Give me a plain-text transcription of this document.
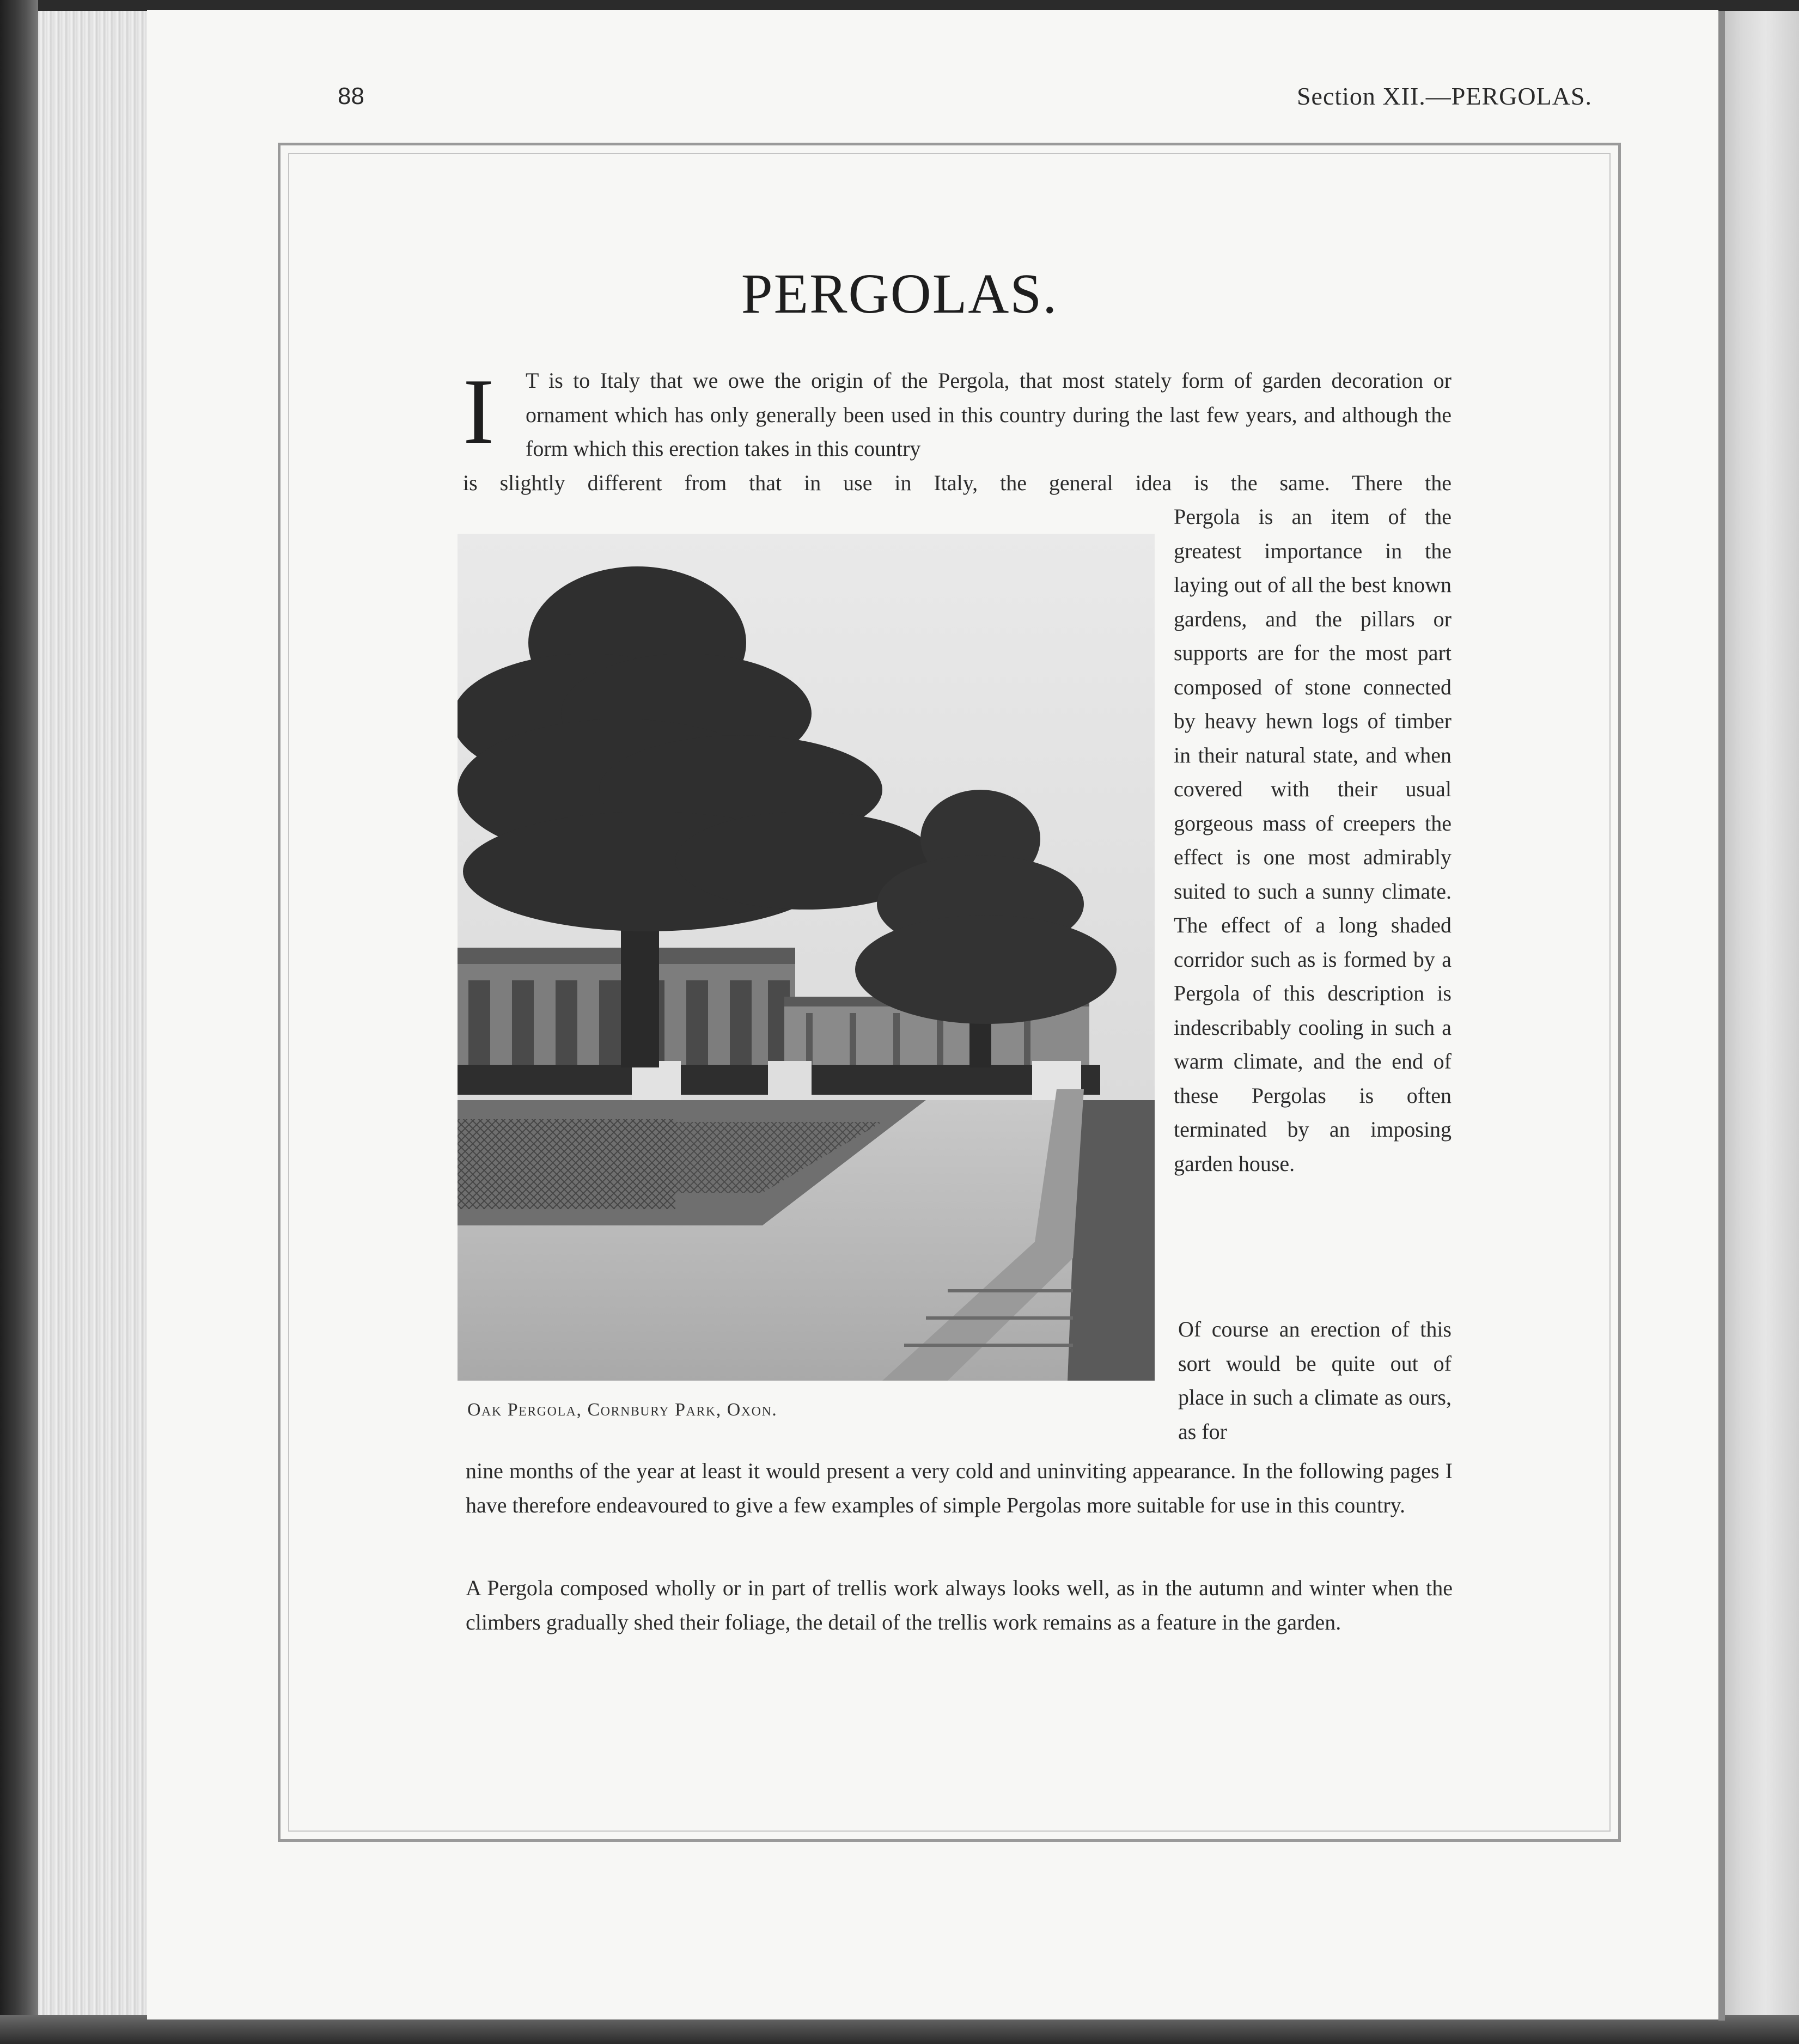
88	Section XII.—PERGOLAS.
PERGOLAS.
I T is to Italy that we owe the origin of the Pergola, that most stately form of garden decoration or ornament which has only generally been used in this country during the last few years, and although the form which this erection takes in this country
is slightly different from that in use in Italy, the general idea is the same. There the
Oak Pergola, Cornbury Park, Oxon.
Pergola is an item of the greatest importance in the laying out of all the best known gardens, and the pillars or supports are for the most part composed of stone connected by heavy hewn logs of timber in their natural state, and when covered with their usual gorgeous mass of creepers the effect is one most admirably suited to such a sunny climate. The effect of a long shaded corridor such as is formed by a Pergola of this description is indescribably cooling in such a warm climate, and the end of these Pergolas is often terminated by an imposing garden house.
Of course an erection of this sort would be quite out of place in such a climate as ours, as for
nine months of the year at least it would present a very cold and uninviting appearance. In the following pages I have therefore endeavoured to give a few examples of simple Pergolas more suitable for use in this country.
A Pergola composed wholly or in part of trellis work always looks well, as in the autumn and winter when the climbers gradually shed their foliage, the detail of the trellis work remains as a feature in the garden.
